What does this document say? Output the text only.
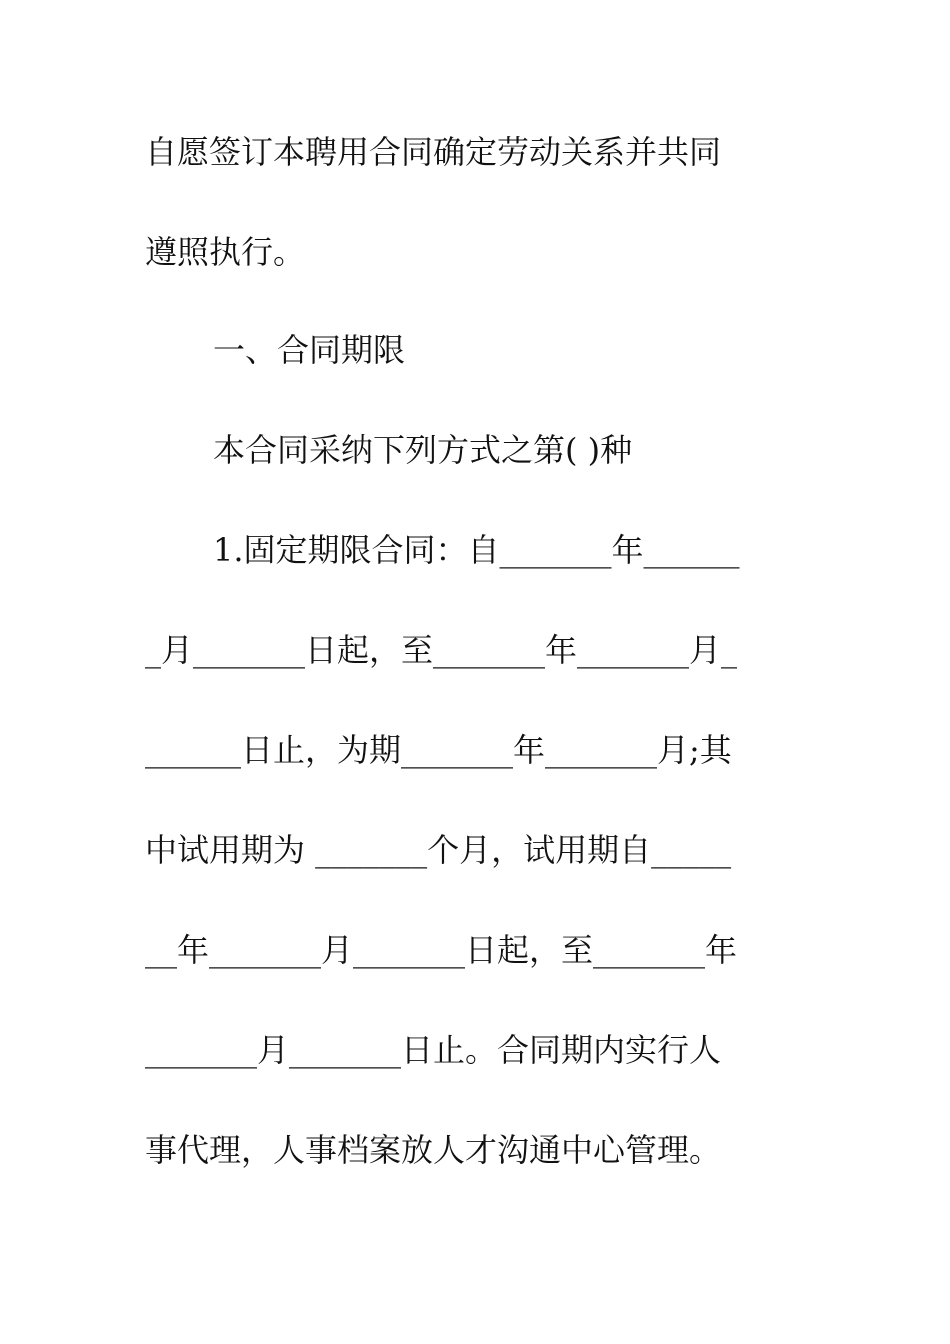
自愿签订本聘用合同确定劳动关系并共同
遵照执行。
一、合同期限
本合同采纳下列方式之第( )种
1.固定期限合同：自_______年______
_月_______日起，至_______年_______月_
______日止，为期_______年_______月;其
中试用期为 _______个月，试用期自_____
__年_______月_______日起，至_______年
_______月_______日止。合同期内实行人
事代理，人事档案放人才沟通中心管理。
